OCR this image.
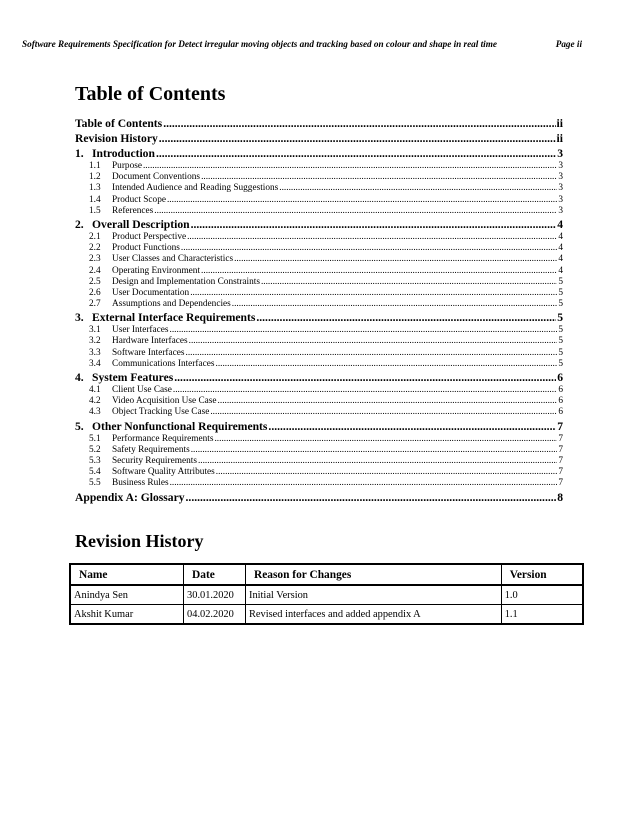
Software Requirements Specification for Detect irregular moving objects and tracking based on colour and shape in real time	Page ii
Table of Contents
Table of Contents .....	ii
Revision History .....	ii
1. Introduction .....	3
1.1	Purpose .....	3
1.2	Document Conventions .....	3
1.3	Intended Audience and Reading Suggestions .....	3
1.4	Product Scope .....	3
1.5	References .....	3
2. Overall Description .....	4
2.1	Product Perspective .....	4
2.2	Product Functions .....	4
2.3	User Classes and Characteristics .....	4
2.4	Operating Environment .....	4
2.5	Design and Implementation Constraints .....	5
2.6	User Documentation .....	5
2.7	Assumptions and Dependencies .....	5
3. External Interface Requirements .....	5
3.1	User Interfaces .....	5
3.2	Hardware Interfaces .....	5
3.3	Software Interfaces .....	5
3.4	Communications Interfaces .....	5
4. System Features .....	6
4.1	Client Use Case .....	6
4.2	Video Acquisition Use Case .....	6
4.3	Object Tracking Use Case .....	6
5. Other Nonfunctional Requirements .....	7
5.1	Performance Requirements .....	7
5.2	Safety Requirements .....	7
5.3	Security Requirements .....	7
5.4	Software Quality Attributes .....	7
5.5	Business Rules .....	7
Appendix A: Glossary .....	8
Revision History
Name	Date	Reason for Changes	Version
Anindya Sen	30.01.2020	Initial Version	1.0
Akshit Kumar	04.02.2020	Revised interfaces and added appendix A	1.1
